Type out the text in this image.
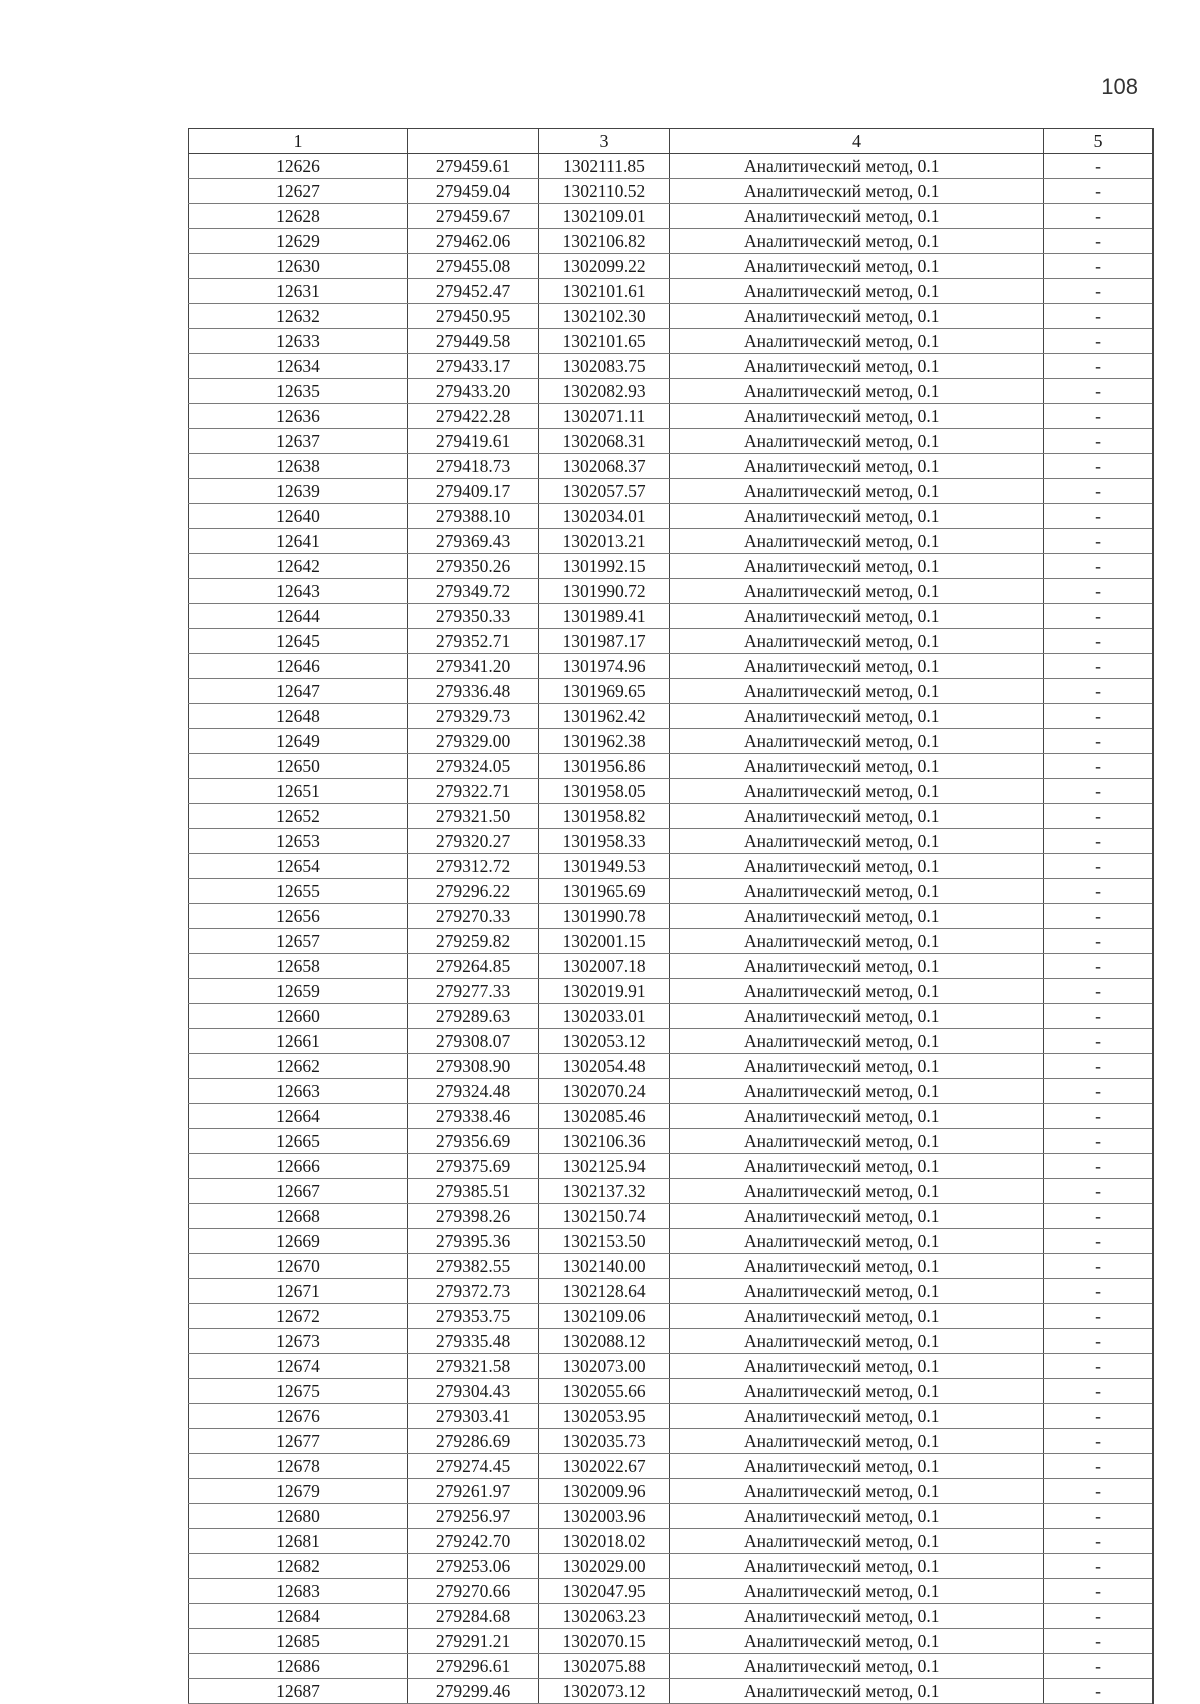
108
1		3	4	5
12626	279459.61	1302111.85	Аналитический метод, 0.1	-
12627	279459.04	1302110.52	Аналитический метод, 0.1	-
12628	279459.67	1302109.01	Аналитический метод, 0.1	-
12629	279462.06	1302106.82	Аналитический метод, 0.1	-
12630	279455.08	1302099.22	Аналитический метод, 0.1	-
12631	279452.47	1302101.61	Аналитический метод, 0.1	-
12632	279450.95	1302102.30	Аналитический метод, 0.1	-
12633	279449.58	1302101.65	Аналитический метод, 0.1	-
12634	279433.17	1302083.75	Аналитический метод, 0.1	-
12635	279433.20	1302082.93	Аналитический метод, 0.1	-
12636	279422.28	1302071.11	Аналитический метод, 0.1	-
12637	279419.61	1302068.31	Аналитический метод, 0.1	-
12638	279418.73	1302068.37	Аналитический метод, 0.1	-
12639	279409.17	1302057.57	Аналитический метод, 0.1	-
12640	279388.10	1302034.01	Аналитический метод, 0.1	-
12641	279369.43	1302013.21	Аналитический метод, 0.1	-
12642	279350.26	1301992.15	Аналитический метод, 0.1	-
12643	279349.72	1301990.72	Аналитический метод, 0.1	-
12644	279350.33	1301989.41	Аналитический метод, 0.1	-
12645	279352.71	1301987.17	Аналитический метод, 0.1	-
12646	279341.20	1301974.96	Аналитический метод, 0.1	-
12647	279336.48	1301969.65	Аналитический метод, 0.1	-
12648	279329.73	1301962.42	Аналитический метод, 0.1	-
12649	279329.00	1301962.38	Аналитический метод, 0.1	-
12650	279324.05	1301956.86	Аналитический метод, 0.1	-
12651	279322.71	1301958.05	Аналитический метод, 0.1	-
12652	279321.50	1301958.82	Аналитический метод, 0.1	-
12653	279320.27	1301958.33	Аналитический метод, 0.1	-
12654	279312.72	1301949.53	Аналитический метод, 0.1	-
12655	279296.22	1301965.69	Аналитический метод, 0.1	-
12656	279270.33	1301990.78	Аналитический метод, 0.1	-
12657	279259.82	1302001.15	Аналитический метод, 0.1	-
12658	279264.85	1302007.18	Аналитический метод, 0.1	-
12659	279277.33	1302019.91	Аналитический метод, 0.1	-
12660	279289.63	1302033.01	Аналитический метод, 0.1	-
12661	279308.07	1302053.12	Аналитический метод, 0.1	-
12662	279308.90	1302054.48	Аналитический метод, 0.1	-
12663	279324.48	1302070.24	Аналитический метод, 0.1	-
12664	279338.46	1302085.46	Аналитический метод, 0.1	-
12665	279356.69	1302106.36	Аналитический метод, 0.1	-
12666	279375.69	1302125.94	Аналитический метод, 0.1	-
12667	279385.51	1302137.32	Аналитический метод, 0.1	-
12668	279398.26	1302150.74	Аналитический метод, 0.1	-
12669	279395.36	1302153.50	Аналитический метод, 0.1	-
12670	279382.55	1302140.00	Аналитический метод, 0.1	-
12671	279372.73	1302128.64	Аналитический метод, 0.1	-
12672	279353.75	1302109.06	Аналитический метод, 0.1	-
12673	279335.48	1302088.12	Аналитический метод, 0.1	-
12674	279321.58	1302073.00	Аналитический метод, 0.1	-
12675	279304.43	1302055.66	Аналитический метод, 0.1	-
12676	279303.41	1302053.95	Аналитический метод, 0.1	-
12677	279286.69	1302035.73	Аналитический метод, 0.1	-
12678	279274.45	1302022.67	Аналитический метод, 0.1	-
12679	279261.97	1302009.96	Аналитический метод, 0.1	-
12680	279256.97	1302003.96	Аналитический метод, 0.1	-
12681	279242.70	1302018.02	Аналитический метод, 0.1	-
12682	279253.06	1302029.00	Аналитический метод, 0.1	-
12683	279270.66	1302047.95	Аналитический метод, 0.1	-
12684	279284.68	1302063.23	Аналитический метод, 0.1	-
12685	279291.21	1302070.15	Аналитический метод, 0.1	-
12686	279296.61	1302075.88	Аналитический метод, 0.1	-
12687	279299.46	1302073.12	Аналитический метод, 0.1	-
